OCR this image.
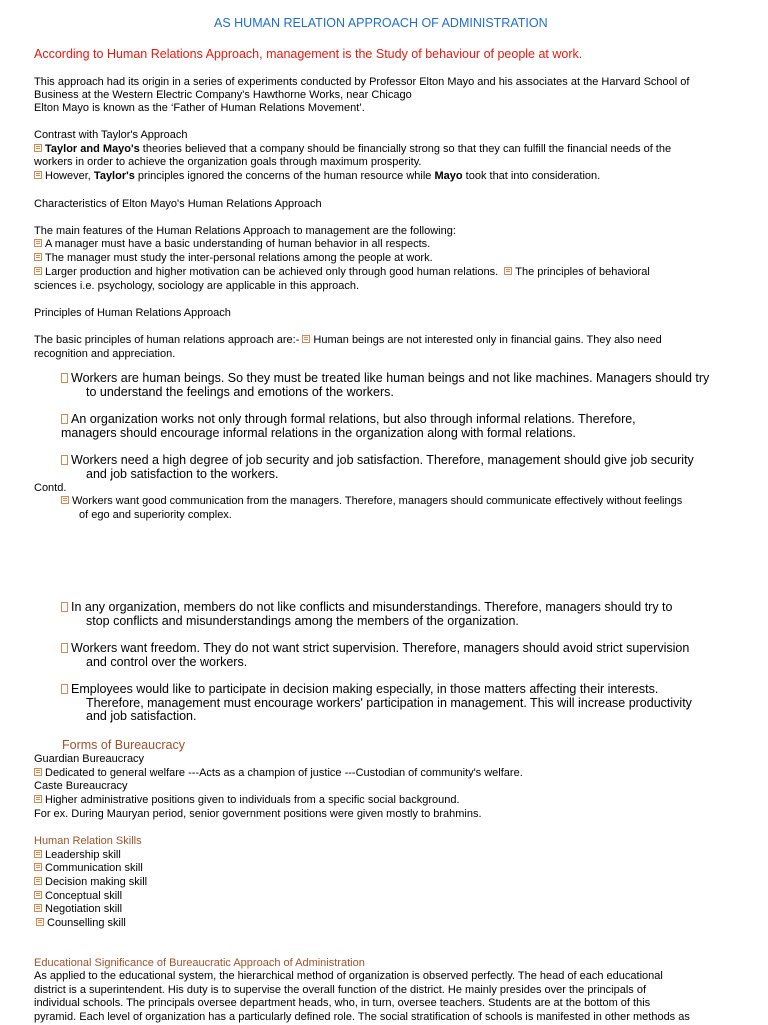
AS HUMAN RELATION APPROACH OF ADMINISTRATION

According to Human Relations Approach, management is the Study of behaviour of people at work.

This approach had its origin in a series of experiments conducted by Professor Elton Mayo and his associates at the Harvard School of

Business at the Western Electric Company's Hawthorne Works, near Chicago

Elton Mayo is known as the ‘Father of Human Relations Movement’.

Contrast with Taylor's Approach

Taylor and Mayo's theories believed that a company should be financially strong so that they can fulfill the financial needs of the

workers in order to achieve the organization goals through maximum prosperity.

However, Taylor's principles ignored the concerns of the human resource while Mayo took that into consideration.

Characteristics of Elton Mayo's Human Relations Approach

The main features of the Human Relations Approach to management are the following:

A manager must have a basic understanding of human behavior in all respects.

The manager must study the inter-personal relations among the people at work.

Larger production and higher motivation can be achieved only through good human relations. The principles of behavioral

sciences i.e. psychology, sociology are applicable in this approach.

Principles of Human Relations Approach

The basic principles of human relations approach are:- Human beings are not interested only in financial gains. They also need

recognition and appreciation.

Workers are human beings. So they must be treated like human beings and not like machines. Managers should try

to understand the feelings and emotions of the workers.

An organization works not only through formal relations, but also through informal relations. Therefore,

managers should encourage informal relations in the organization along with formal relations.

Workers need a high degree of job security and job satisfaction. Therefore, management should give job security

and job satisfaction to the workers.

Contd.

Workers want good communication from the managers. Therefore, managers should communicate effectively without feelings

of ego and superiority complex.

In any organization, members do not like conflicts and misunderstandings. Therefore, managers should try to

stop conflicts and misunderstandings among the members of the organization.

Workers want freedom. They do not want strict supervision. Therefore, managers should avoid strict supervision

and control over the workers.

Employees would like to participate in decision making especially, in those matters affecting their interests.

Therefore, management must encourage workers' participation in management. This will increase productivity

and job satisfaction.

Forms of Bureaucracy

Guardian Bureaucracy

Dedicated to general welfare ---Acts as a champion of justice ---Custodian of community's welfare.

Caste Bureaucracy

Higher administrative positions given to individuals from a specific social background.

For ex. During Mauryan period, senior government positions were given mostly to brahmins.

Human Relation Skills

Leadership skill

Communication skill

Decision making skill

Conceptual skill

Negotiation skill

Counselling skill

Educational Significance of Bureaucratic Approach of Administration

As applied to the educational system, the hierarchical method of organization is observed perfectly. The head of each educational

district is a superintendent. His duty is to supervise the overall function of the district. He mainly presides over the principals of

individual schools. The principals oversee department heads, who, in turn, oversee teachers. Students are at the bottom of this

pyramid. Each level of organization has a particularly defined role. The social stratification of schools is manifested in other methods as
